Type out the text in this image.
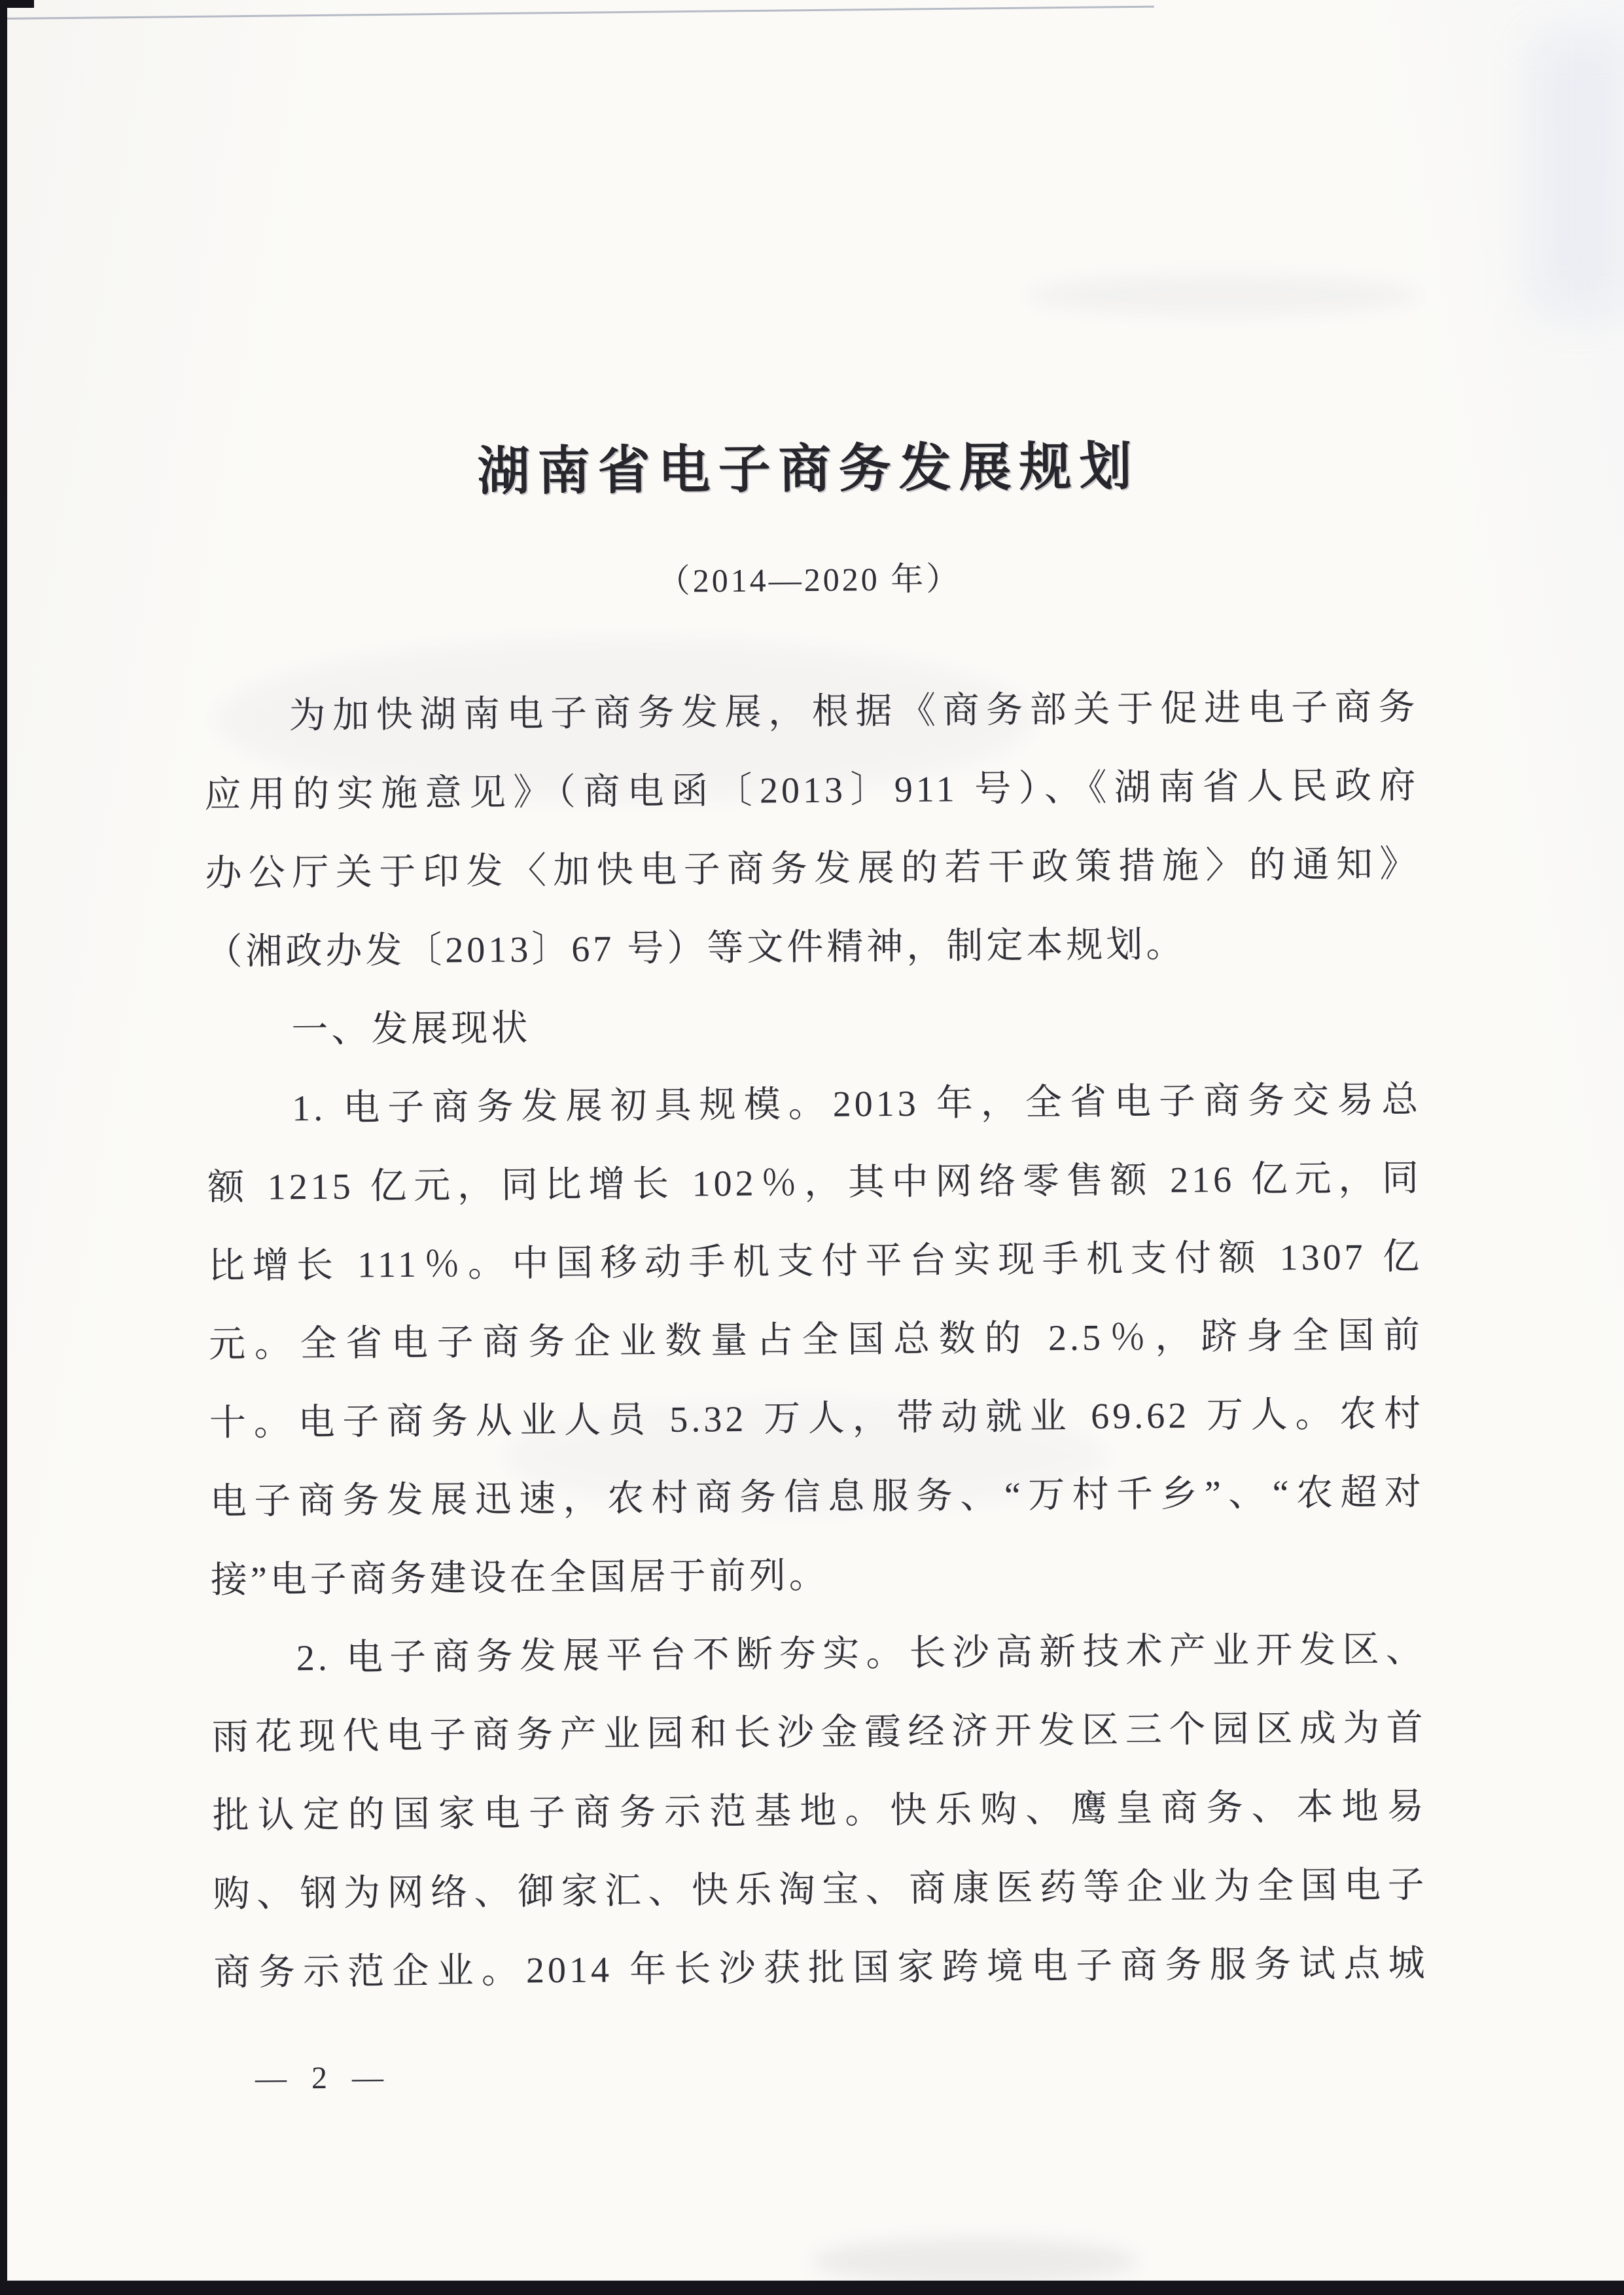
湖南省电子商务发展规划
（2014—2020 年）
为加快湖南电子商务发展，根据《商务部关于促进电子商务
应用的实施意见》（商电函〔2013〕911 号）、《湖南省人民政府
办公厅关于印发〈加快电子商务发展的若干政策措施〉的通知》
（湘政办发〔2013〕67 号）等文件精神，制定本规划。
一、发展现状
1. 电子商务发展初具规模。2013 年，全省电子商务交易总
额 1215 亿元，同比增长 102％，其中网络零售额 216 亿元，同
比增长 111％。中国移动手机支付平台实现手机支付额 1307 亿
元。全省电子商务企业数量占全国总数的 2.5％，跻身全国前
十。电子商务从业人员 5.32 万人，带动就业 69.62 万人。农村
电子商务发展迅速，农村商务信息服务、“万村千乡”、“农超对
接”电子商务建设在全国居于前列。
2. 电子商务发展平台不断夯实。长沙高新技术产业开发区、
雨花现代电子商务产业园和长沙金霞经济开发区三个园区成为首
批认定的国家电子商务示范基地。快乐购、鹰皇商务、本地易
购、钢为网络、御家汇、快乐淘宝、商康医药等企业为全国电子
商务示范企业。2014 年长沙获批国家跨境电子商务服务试点城
— 2 —
